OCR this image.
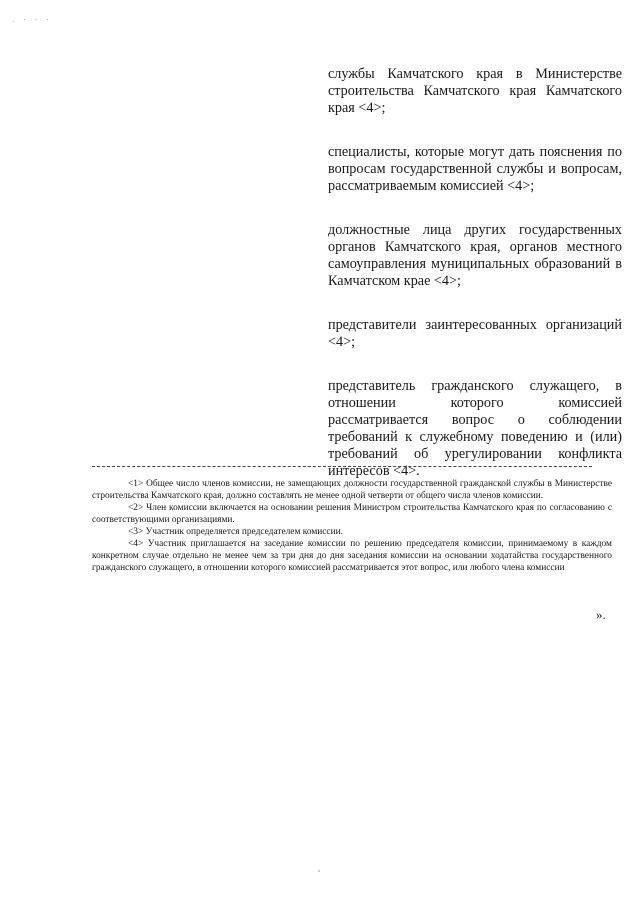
. · · ·

службы Камчатского края в Министерстве строительства Камчатского края Камчатского края <4>;

специалисты, которые могут дать пояснения по вопросам государственной службы и вопросам, рассматриваемым комиссией <4>;

должностные лица других государственных органов Камчатского края, органов местного самоуправления муниципальных образований в Камчатском крае <4>;

представители заинтересованных организаций <4>;

представитель гражданского служащего, в отношении которого комиссией рассматривается вопрос о соблюдении требований к служебному поведению и (или) требований об урегулировании конфликта интересов <4>.

<1> Общее число членов комиссии, не замещающих должности государственной гражданской службы в Министерстве строительства Камчатского края, должно составлять не менее одной четверти от общего числа членов комиссии.

<2> Член комиссии включается на основании решения Министром строительства Камчатского края по согласованию с соответствующими организациями.

<3> Участник определяется председателем комиссии.

<4> Участник приглашается на заседание комиссии по решению председателя комиссии, принимаемому в каждом конкретном случае отдельно не менее чем за три дня до дня заседания комиссии на основании ходатайства государственного гражданского служащего, в отношении которого комиссией рассматривается этот вопрос, или любого члена комиссии

».
